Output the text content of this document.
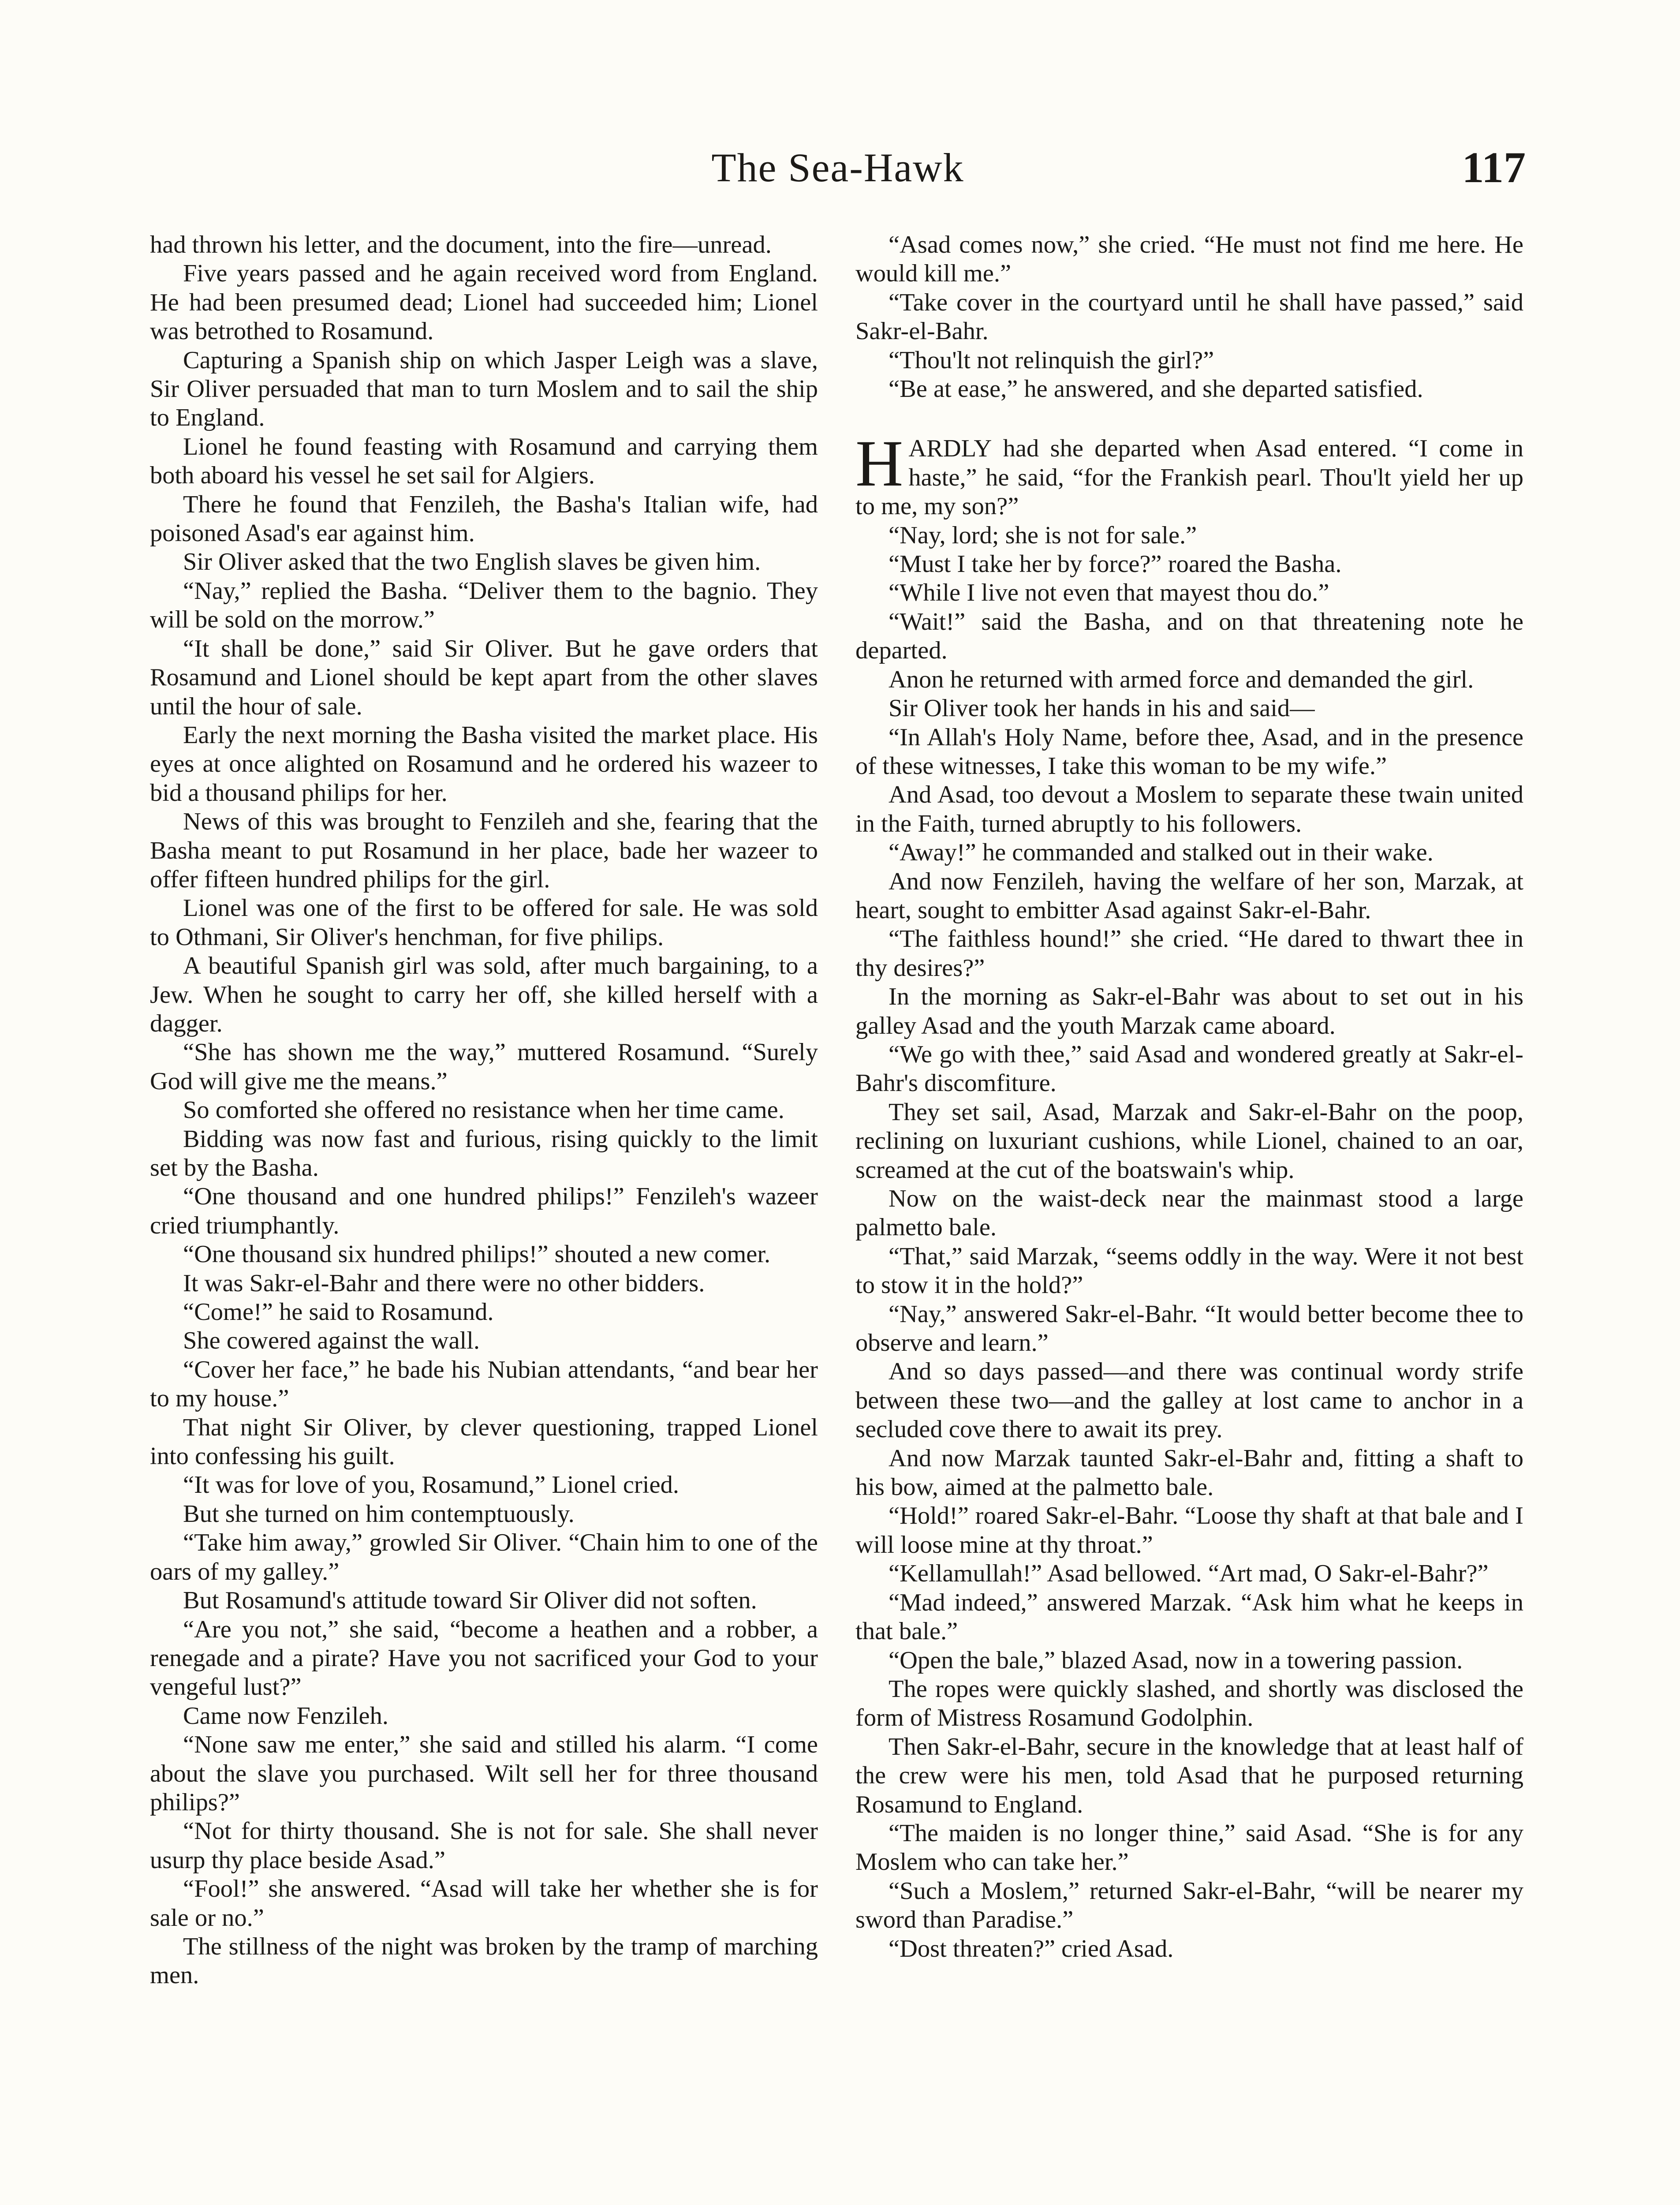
The Sea-Hawk	117

had thrown his letter, and the document, into the fire—unread.

Five years passed and he again received word from England. He had been presumed dead; Lionel had succeeded him; Lionel was betrothed to Rosamund.

Capturing a Spanish ship on which Jasper Leigh was a slave, Sir Oliver persuaded that man to turn Moslem and to sail the ship to England.

Lionel he found feasting with Rosamund and carrying them both aboard his vessel he set sail for Algiers.

There he found that Fenzileh, the Basha's Italian wife, had poisoned Asad's ear against him.

Sir Oliver asked that the two English slaves be given him.

“Nay,” replied the Basha. “Deliver them to the bagnio. They will be sold on the morrow.”

“It shall be done,” said Sir Oliver. But he gave orders that Rosamund and Lionel should be kept apart from the other slaves until the hour of sale.

Early the next morning the Basha visited the market place. His eyes at once alighted on Rosamund and he ordered his wazeer to bid a thousand philips for her.

News of this was brought to Fenzileh and she, fearing that the Basha meant to put Rosamund in her place, bade her wazeer to offer fifteen hundred philips for the girl.

Lionel was one of the first to be offered for sale. He was sold to Othmani, Sir Oliver's henchman, for five philips.

A beautiful Spanish girl was sold, after much bargaining, to a Jew. When he sought to carry her off, she killed herself with a dagger.

“She has shown me the way,” muttered Rosamund. “Surely God will give me the means.”

So comforted she offered no resistance when her time came.

Bidding was now fast and furious, rising quickly to the limit set by the Basha.

“One thousand and one hundred philips!” Fenzileh's wazeer cried triumphantly.

“One thousand six hundred philips!” shouted a new comer.

It was Sakr-el-Bahr and there were no other bidders.

“Come!” he said to Rosamund.

She cowered against the wall.

“Cover her face,” he bade his Nubian attendants, “and bear her to my house.”

That night Sir Oliver, by clever questioning, trapped Lionel into confessing his guilt.

“It was for love of you, Rosamund,” Lionel cried.

But she turned on him contemptuously.

“Take him away,” growled Sir Oliver. “Chain him to one of the oars of my galley.”

But Rosamund's attitude toward Sir Oliver did not soften.

“Are you not,” she said, “become a heathen and a robber, a renegade and a pirate? Have you not sacrificed your God to your vengeful lust?”

Came now Fenzileh.

“None saw me enter,” she said and stilled his alarm. “I come about the slave you purchased. Wilt sell her for three thousand philips?”

“Not for thirty thousand. She is not for sale. She shall never usurp thy place beside Asad.”

“Fool!” she answered. “Asad will take her whether she is for sale or no.”

The stillness of the night was broken by the tramp of marching men.

“Asad comes now,” she cried. “He must not find me here. He would kill me.”

“Take cover in the courtyard until he shall have passed,” said Sakr-el-Bahr.

“Thou'lt not relinquish the girl?”

“Be at ease,” he answered, and she departed satisfied.

HARDLY had she departed when Asad entered. “I come in haste,” he said, “for the Frankish pearl. Thou'lt yield her up to me, my son?”

“Nay, lord; she is not for sale.”

“Must I take her by force?” roared the Basha.

“While I live not even that mayest thou do.”

“Wait!” said the Basha, and on that threatening note he departed.

Anon he returned with armed force and demanded the girl.

Sir Oliver took her hands in his and said—

“In Allah's Holy Name, before thee, Asad, and in the presence of these witnesses, I take this woman to be my wife.”

And Asad, too devout a Moslem to separate these twain united in the Faith, turned abruptly to his followers.

“Away!” he commanded and stalked out in their wake.

And now Fenzileh, having the welfare of her son, Marzak, at heart, sought to embitter Asad against Sakr-el-Bahr.

“The faithless hound!” she cried. “He dared to thwart thee in thy desires?”

In the morning as Sakr-el-Bahr was about to set out in his galley Asad and the youth Marzak came aboard.

“We go with thee,” said Asad and wondered greatly at Sakr-el-Bahr's discomfiture.

They set sail, Asad, Marzak and Sakr-el-Bahr on the poop, reclining on luxuriant cushions, while Lionel, chained to an oar, screamed at the cut of the boatswain's whip.

Now on the waist-deck near the mainmast stood a large palmetto bale.

“That,” said Marzak, “seems oddly in the way. Were it not best to stow it in the hold?”

“Nay,” answered Sakr-el-Bahr. “It would better become thee to observe and learn.”

And so days passed—and there was continual wordy strife between these two—and the galley at lost came to anchor in a secluded cove there to await its prey.

And now Marzak taunted Sakr-el-Bahr and, fitting a shaft to his bow, aimed at the palmetto bale.

“Hold!” roared Sakr-el-Bahr. “Loose thy shaft at that bale and I will loose mine at thy throat.”

“Kellamullah!” Asad bellowed. “Art mad, O Sakr-el-Bahr?”

“Mad indeed,” answered Marzak. “Ask him what he keeps in that bale.”

“Open the bale,” blazed Asad, now in a towering passion.

The ropes were quickly slashed, and shortly was disclosed the form of Mistress Rosamund Godolphin.

Then Sakr-el-Bahr, secure in the knowledge that at least half of the crew were his men, told Asad that he purposed returning Rosamund to England.

“The maiden is no longer thine,” said Asad. “She is for any Moslem who can take her.”

“Such a Moslem,” returned Sakr-el-Bahr, “will be nearer my sword than Paradise.”

“Dost threaten?” cried Asad.
